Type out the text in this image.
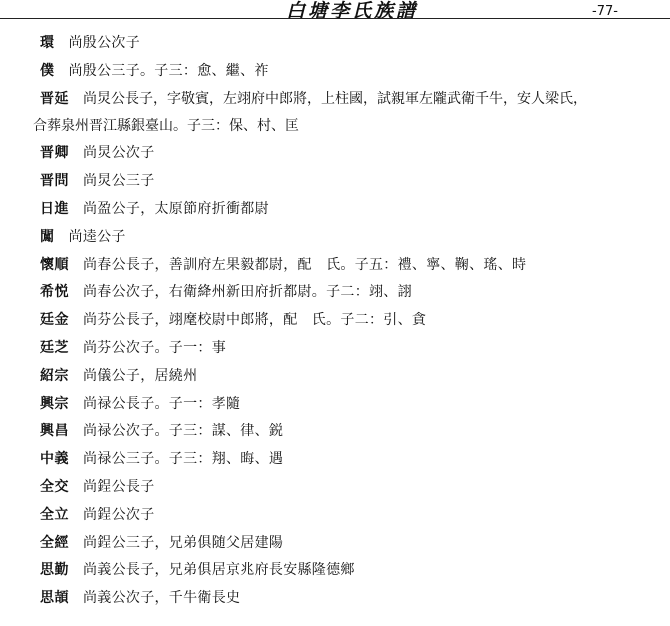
白塘李氏族譜	-77-
環 尚殷公次子
僕 尚殷公三子。子三：愈、繼、祚
晋延 尚炅公長子，字敬賓，左翊府中郎將，上柱國，試親軍左隴武衛千牛，安人梁氏，
合葬泉州晋江縣銀臺山。子三：保、村、匡
晋卿 尚炅公次子
晋問 尚炅公三子
日進 尚盈公子，太原節府折衝都尉
闖 尚逵公子
懷順 尚春公長子，善訓府左果毅都尉，配　氏。子五：禮、寧、鞠、瑤、時
希悦 尚春公次子，右衛絳州新田府折都尉。子二：翊、詡
廷金 尚芬公長子，翊麾校尉中郎將，配　氏。子二：引、貪
廷芝 尚芬公次子。子一：事
紹宗 尚儀公子，居繞州
興宗 尚禄公長子。子一：孝隨
興昌 尚禄公次子。子三：謀、律、鋭
中義 尚禄公三子。子三：翔、晦、遇
全交 尚鋥公長子
全立 尚鋥公次子
全經 尚鋥公三子，兄弟俱随父居建陽
思勤 尚義公長子，兄弟俱居京兆府長安縣隆德鄉
思頡 尚義公次子，千牛衛長史
